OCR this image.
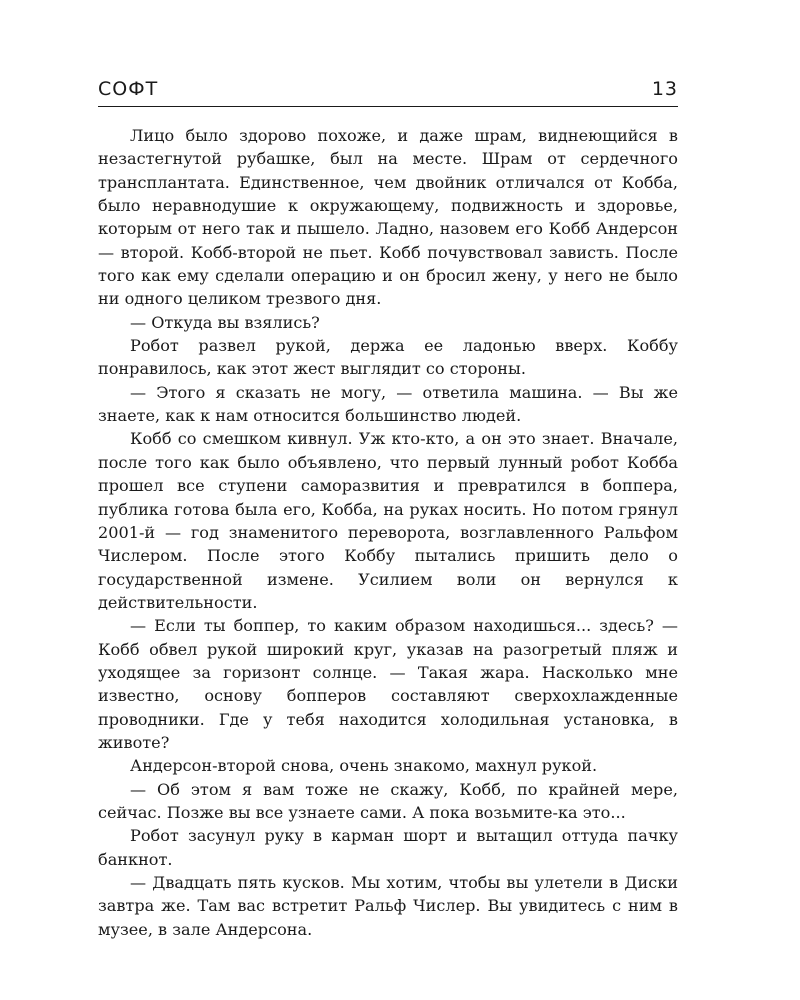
СОФТ	13

Лицо было здорово похоже, и даже шрам, виднеющийся в незастегнутой рубашке, был на месте. Шрам от сердечного трансплантата. Единственное, чем двойник отличался от Кобба, было неравнодушие к окружающему, подвижность и здоровье, которым от него так и пышело. Ладно, назовем его Кобб Андерсон — второй. Кобб-второй не пьет. Кобб почувствовал зависть. После того как ему сделали операцию и он бросил жену, у него не было ни одного целиком трезвого дня.

— Откуда вы взялись?

Робот развел рукой, держа ее ладонью вверх. Коббу понравилось, как этот жест выглядит со стороны.

— Этого я сказать не могу, — ответила машина. — Вы же знаете, как к нам относится большинство людей.

Кобб со смешком кивнул. Уж кто-кто, а он это знает. Вначале, после того как было объявлено, что первый лунный робот Кобба прошел все ступени саморазвития и превратился в боппера, публика готова была его, Кобба, на руках носить. Но потом грянул 2001-й — год знаменитого переворота, возглавленного Ральфом Числером. После этого Коббу пытались пришить дело о государственной измене. Усилием воли он вернулся к действительности.

— Если ты боппер, то каким образом находишься... здесь? — Кобб обвел рукой широкий круг, указав на разогретый пляж и уходящее за горизонт солнце. — Такая жара. Насколько мне известно, основу бопперов составляют сверхохлажденные проводники. Где у тебя находится холодильная установка, в животе?

Андерсон-второй снова, очень знакомо, махнул рукой.

— Об этом я вам тоже не скажу, Кобб, по крайней мере, сейчас. Позже вы все узнаете сами. А пока возьмите-ка это...

Робот засунул руку в карман шорт и вытащил оттуда пачку банкнот.

— Двадцать пять кусков. Мы хотим, чтобы вы улетели в Диски завтра же. Там вас встретит Ральф Числер. Вы увидитесь с ним в музее, в зале Андерсона.
